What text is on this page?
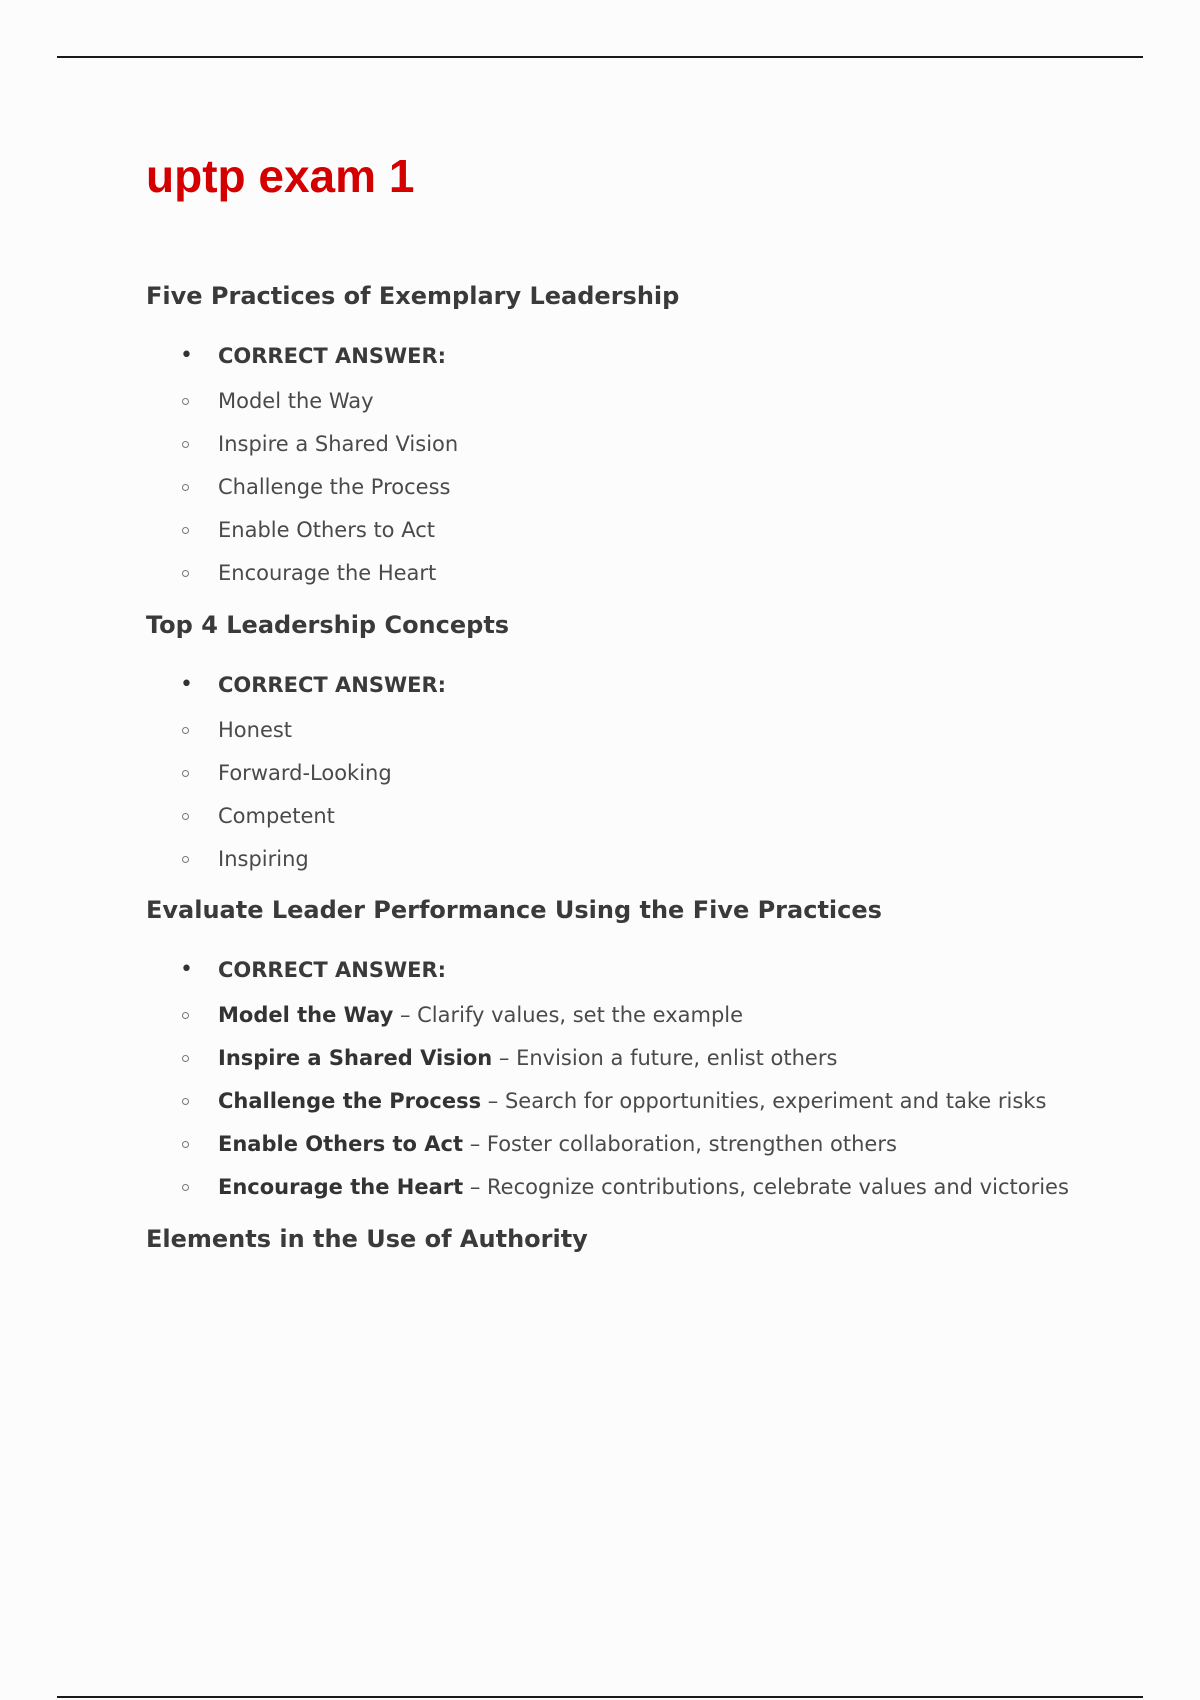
uptp exam 1
Five Practices of Exemplary Leadership
• CORRECT ANSWER:
Model the Way
Inspire a Shared Vision
Challenge the Process
Enable Others to Act
Encourage the Heart
Top 4 Leadership Concepts
• CORRECT ANSWER:
Honest
Forward-Looking
Competent
Inspiring
Evaluate Leader Performance Using the Five Practices
• CORRECT ANSWER:
Model the Way – Clarify values, set the example
Inspire a Shared Vision – Envision a future, enlist others
Challenge the Process – Search for opportunities, experiment and take risks
Enable Others to Act – Foster collaboration, strengthen others
Encourage the Heart – Recognize contributions, celebrate values and victories
Elements in the Use of Authority
